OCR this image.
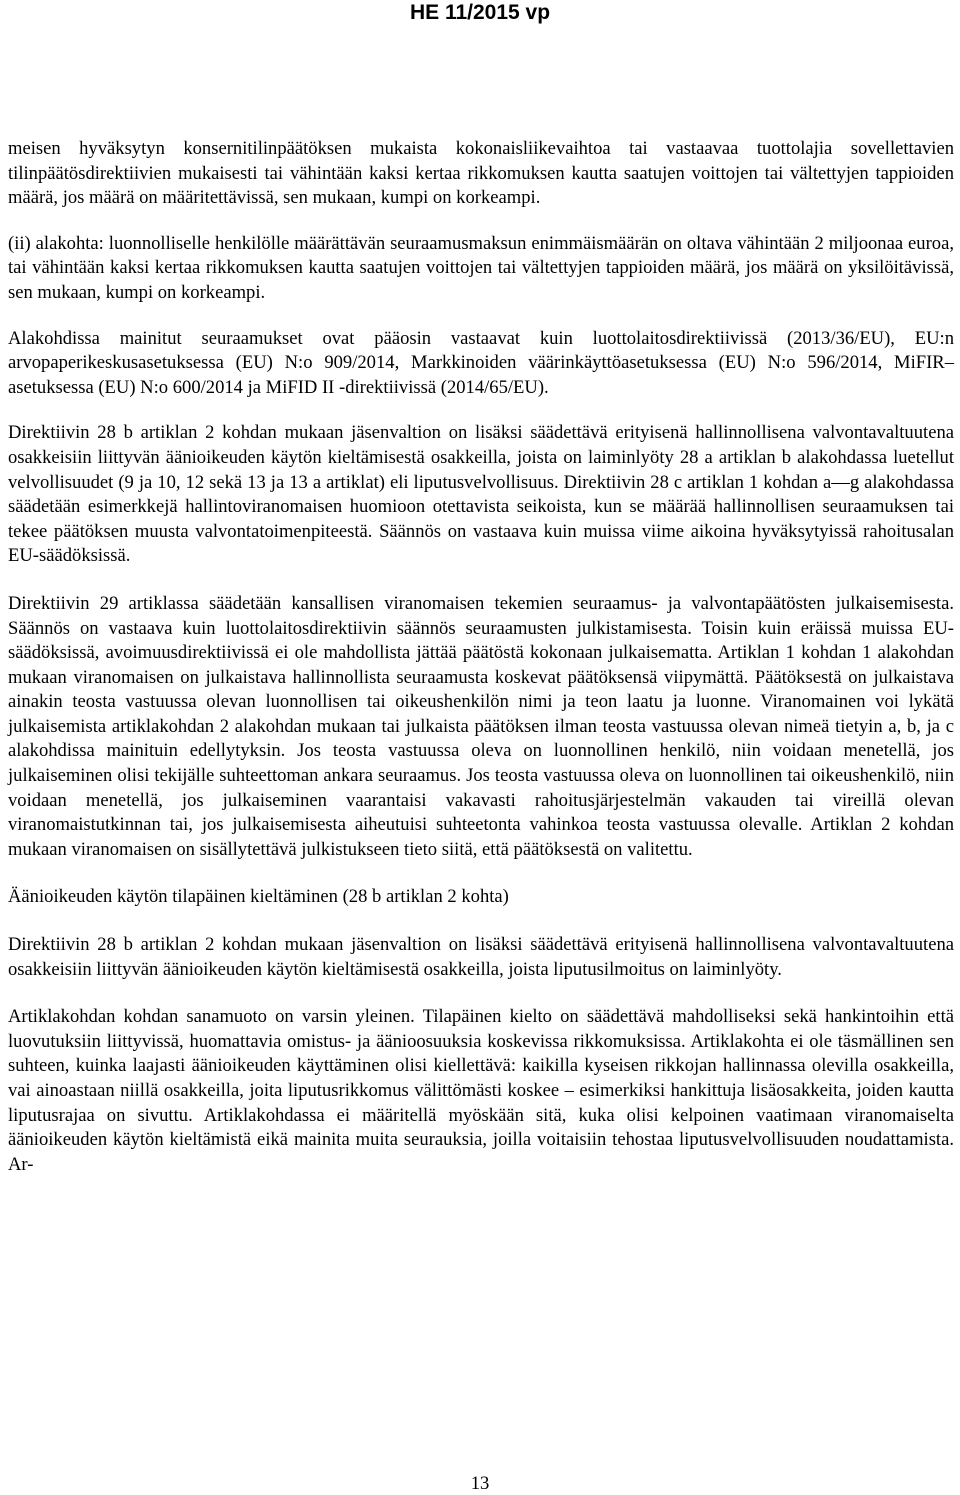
HE 11/2015 vp

meisen hyväksytyn konsernitilinpäätöksen mukaista kokonaisliikevaihtoa tai vastaavaa tuottolajia sovellettavien tilinpäätösdirektiivien mukaisesti tai vähintään kaksi kertaa rikkomuksen kautta saatujen voittojen tai vältettyjen tappioiden määrä, jos määrä on määritettävissä, sen mukaan, kumpi on korkeampi.

(ii) alakohta: luonnolliselle henkilölle määrättävän seuraamusmaksun enimmäismäärän on oltava vähintään 2 miljoonaa euroa, tai vähintään kaksi kertaa rikkomuksen kautta saatujen voittojen tai vältettyjen tappioiden määrä, jos määrä on yksilöitävissä, sen mukaan, kumpi on korkeampi.

Alakohdissa mainitut seuraamukset ovat pääosin vastaavat kuin luottolaitosdirektiivissä (2013/36/EU), EU:n arvopaperikeskusasetuksessa (EU) N:o 909/2014, Markkinoiden väärinkäyttöasetuksessa (EU) N:o 596/2014, MiFIR–asetuksessa (EU) N:o 600/2014 ja MiFID II -direktiivissä (2014/65/EU).

Direktiivin 28 b artiklan 2 kohdan mukaan jäsenvaltion on lisäksi säädettävä erityisenä hallinnollisena valvontavaltuutena osakkeisiin liittyvän äänioikeuden käytön kieltämisestä osakkeilla, joista on laiminlyöty 28 a artiklan b alakohdassa luetellut velvollisuudet (9 ja 10, 12 sekä 13 ja 13 a artiklat) eli liputusvelvollisuus. Direktiivin 28 c artiklan 1 kohdan a—g alakohdassa säädetään esimerkkejä hallintoviranomaisen huomioon otettavista seikoista, kun se määrää hallinnollisen seuraamuksen tai tekee päätöksen muusta valvontatoimenpiteestä. Säännös on vastaava kuin muissa viime aikoina hyväksytyissä rahoitusalan EU-säädöksissä.

Direktiivin 29 artiklassa säädetään kansallisen viranomaisen tekemien seuraamus- ja valvontapäätösten julkaisemisesta. Säännös on vastaava kuin luottolaitosdirektiivin säännös seuraamusten julkistamisesta. Toisin kuin eräissä muissa EU-säädöksissä, avoimuusdirektiivissä ei ole mahdollista jättää päätöstä kokonaan julkaisematta. Artiklan 1 kohdan 1 alakohdan mukaan viranomaisen on julkaistava hallinnollista seuraamusta koskevat päätöksensä viipymättä. Päätöksestä on julkaistava ainakin teosta vastuussa olevan luonnollisen tai oikeushenkilön nimi ja teon laatu ja luonne. Viranomainen voi lykätä julkaisemista artiklakohdan 2 alakohdan mukaan tai julkaista päätöksen ilman teosta vastuussa olevan nimeä tietyin a, b, ja c alakohdissa mainituin edellytyksin. Jos teosta vastuussa oleva on luonnollinen henkilö, niin voidaan menetellä, jos julkaiseminen olisi tekijälle suhteettoman ankara seuraamus. Jos teosta vastuussa oleva on luonnollinen tai oikeushenkilö, niin voidaan menetellä, jos julkaiseminen vaarantaisi vakavasti rahoitusjärjestelmän vakauden tai vireillä olevan viranomaistutkinnan tai, jos julkaisemisesta aiheutuisi suhteetonta vahinkoa teosta vastuussa olevalle. Artiklan 2 kohdan mukaan viranomaisen on sisällytettävä julkistukseen tieto siitä, että päätöksestä on valitettu.

Äänioikeuden käytön tilapäinen kieltäminen (28 b artiklan 2 kohta)

Direktiivin 28 b artiklan 2 kohdan mukaan jäsenvaltion on lisäksi säädettävä erityisenä hallinnollisena valvontavaltuutena osakkeisiin liittyvän äänioikeuden käytön kieltämisestä osakkeilla, joista liputusilmoitus on laiminlyöty.

Artiklakohdan kohdan sanamuoto on varsin yleinen. Tilapäinen kielto on säädettävä mahdolliseksi sekä hankintoihin että luovutuksiin liittyvissä, huomattavia omistus- ja äänioosuuksia koskevissa rikkomuksissa. Artiklakohta ei ole täsmällinen sen suhteen, kuinka laajasti äänioikeuden käyttäminen olisi kiellettävä: kaikilla kyseisen rikkojan hallinnassa olevilla osakkeilla, vai ainoastaan niillä osakkeilla, joita liputusrikkomus välittömästi koskee – esimerkiksi hankittuja lisäosakkeita, joiden kautta liputusrajaa on sivuttu. Artiklakohdassa ei määritellä myöskään sitä, kuka olisi kelpoinen vaatimaan viranomaiselta äänioikeuden käytön kieltämistä eikä mainita muita seurauksia, joilla voitaisiin tehostaa liputusvelvollisuuden noudattamista. Ar-

13
